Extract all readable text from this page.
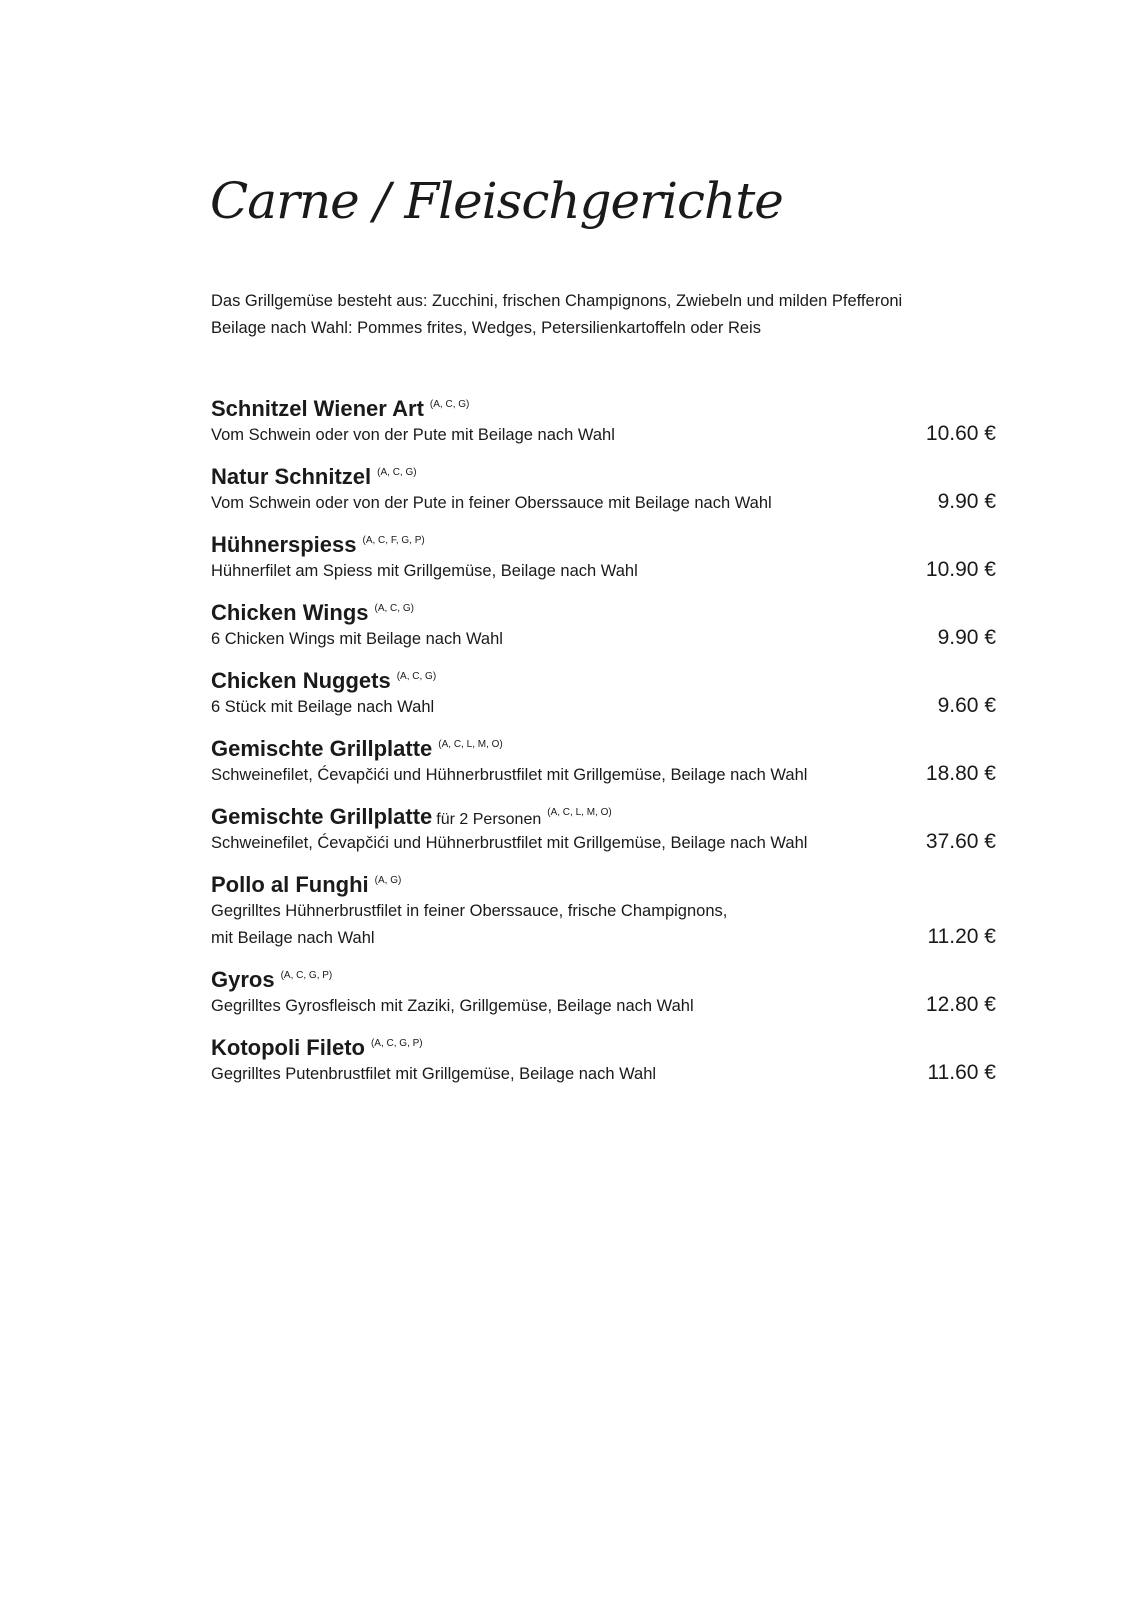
Carne / Fleischgerichte
Das Grillgemüse besteht aus: Zucchini, frischen Champignons, Zwiebeln und milden Pfefferoni
Beilage nach Wahl: Pommes frites, Wedges, Petersilienkartoffeln oder Reis
Schnitzel Wiener Art $^{(A, C, G)}$
Vom Schwein oder von der Pute mit Beilage nach Wahl	10.60 €
Natur Schnitzel $^{(A, C, G)}$
Vom Schwein oder von der Pute in feiner Oberssauce mit Beilage nach Wahl	9.90 €
Hühnerspiess $^{(A, C, F, G, P)}$
Hühnerfilet am Spiess mit Grillgemüse, Beilage nach Wahl	10.90 €
Chicken Wings $^{(A, C, G)}$
6 Chicken Wings mit Beilage nach Wahl	9.90 €
Chicken Nuggets $^{(A, C, G)}$
6 Stück mit Beilage nach Wahl	9.60 €
Gemischte Grillplatte $^{(A, C, L, M, O)}$
Schweinefilet, Ćevapčići und Hühnerbrustfilet mit Grillgemüse, Beilage nach Wahl	18.80 €
Gemischte Grillplatte für 2 Personen $^{(A, C, L, M, O)}$
Schweinefilet, Ćevapčići und Hühnerbrustfilet mit Grillgemüse, Beilage nach Wahl	37.60 €
Pollo al Funghi $^{(A, G)}$
Gegrilltes Hühnerbrustfilet in feiner Oberssauce, frische Champignons,
mit Beilage nach Wahl	11.20 €
Gyros $^{(A, C, G, P)}$
Gegrilltes Gyrosfleisch mit Zaziki, Grillgemüse, Beilage nach Wahl	12.80 €
Kotopoli Fileto $^{(A, C, G, P)}$
Gegrilltes Putenbrustfilet mit Grillgemüse, Beilage nach Wahl	11.60 €
